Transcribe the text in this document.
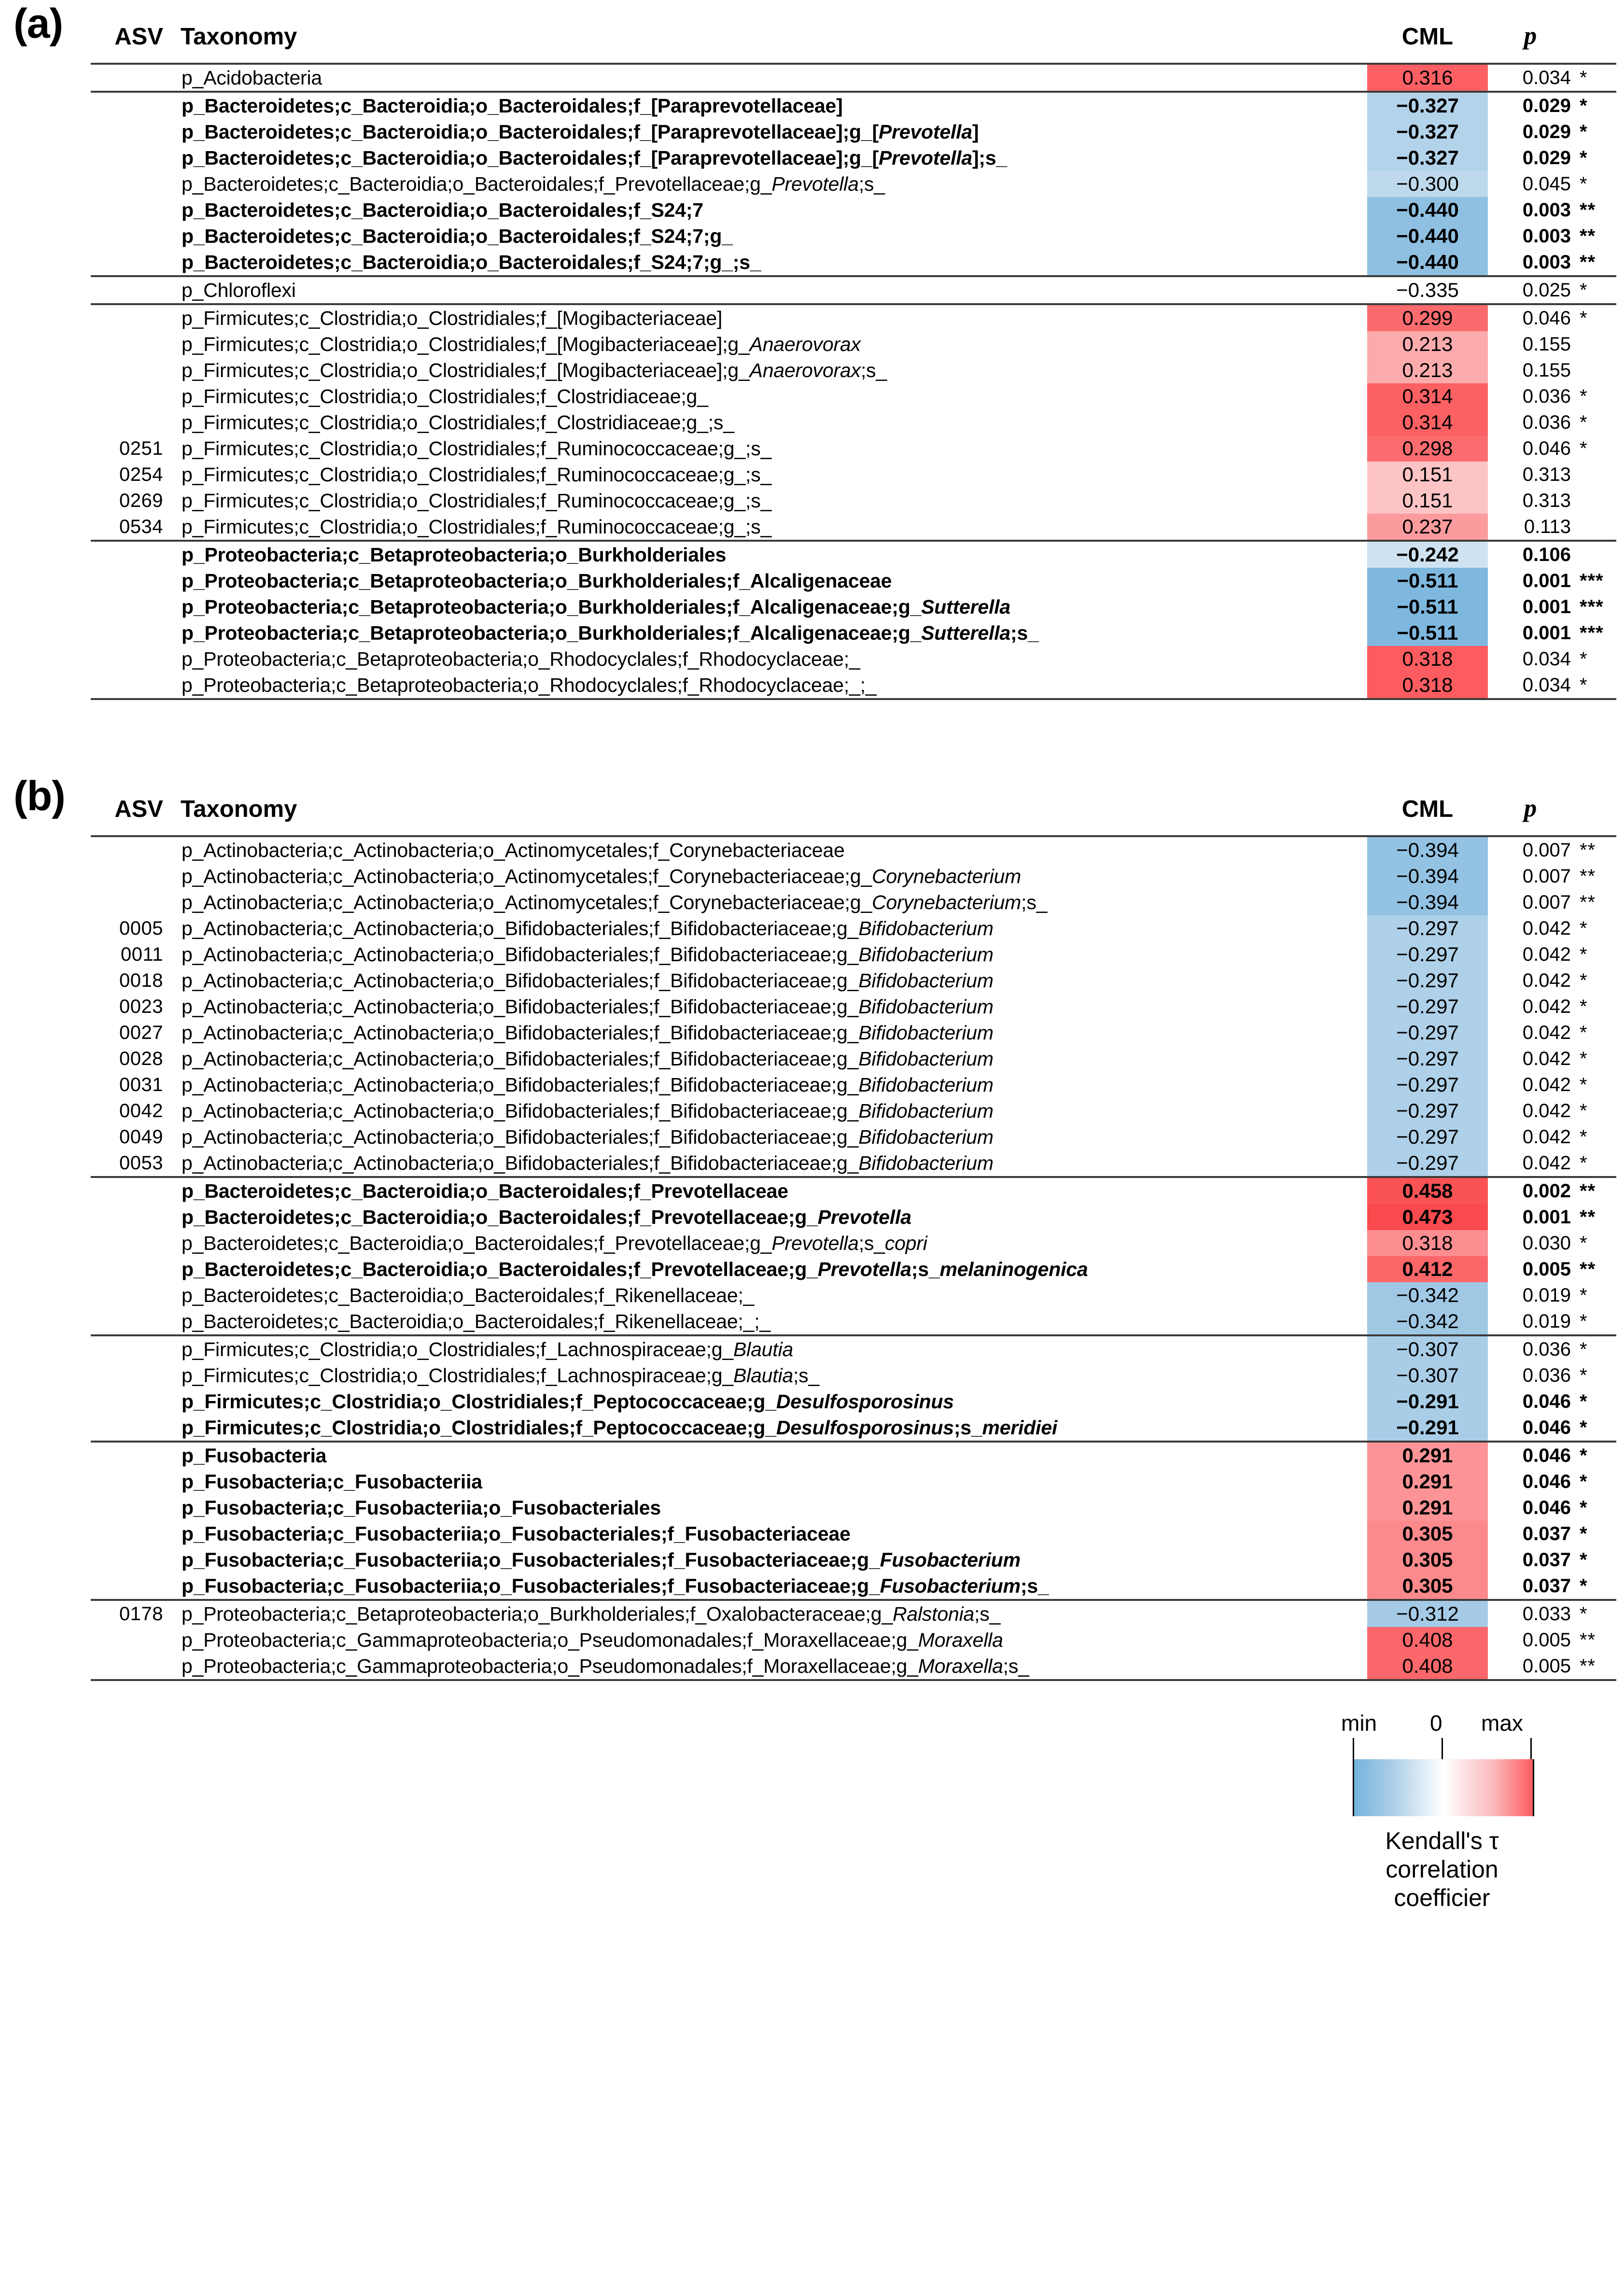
(a) ASV	Taxonomy	CML	p	
	p_Acidobacteria	0.316	0.034	*
	p_Bacteroidetes;c_Bacteroidia;o_Bacteroidales;f_[Paraprevotellaceae]	−0.327	0.029	*
	p_Bacteroidetes;c_Bacteroidia;o_Bacteroidales;f_[Paraprevotellaceae];g_[Prevotella]	−0.327	0.029	*
	p_Bacteroidetes;c_Bacteroidia;o_Bacteroidales;f_[Paraprevotellaceae];g_[Prevotella];s_	−0.327	0.029	*
	p_Bacteroidetes;c_Bacteroidia;o_Bacteroidales;f_Prevotellaceae;g_Prevotella;s_	−0.300	0.045	*
	p_Bacteroidetes;c_Bacteroidia;o_Bacteroidales;f_S24;7	−0.440	0.003	**
	p_Bacteroidetes;c_Bacteroidia;o_Bacteroidales;f_S24;7;g_	−0.440	0.003	**
	p_Bacteroidetes;c_Bacteroidia;o_Bacteroidales;f_S24;7;g_;s_	−0.440	0.003	**
	p_Chloroflexi	−0.335	0.025	*
	p_Firmicutes;c_Clostridia;o_Clostridiales;f_[Mogibacteriaceae]	0.299	0.046	*
	p_Firmicutes;c_Clostridia;o_Clostridiales;f_[Mogibacteriaceae];g_Anaerovorax	0.213	0.155	
	p_Firmicutes;c_Clostridia;o_Clostridiales;f_[Mogibacteriaceae];g_Anaerovorax;s_	0.213	0.155	
	p_Firmicutes;c_Clostridia;o_Clostridiales;f_Clostridiaceae;g_	0.314	0.036	*
	p_Firmicutes;c_Clostridia;o_Clostridiales;f_Clostridiaceae;g_;s_	0.314	0.036	*
0251	p_Firmicutes;c_Clostridia;o_Clostridiales;f_Ruminococcaceae;g_;s_	0.298	0.046	*
0254	p_Firmicutes;c_Clostridia;o_Clostridiales;f_Ruminococcaceae;g_;s_	0.151	0.313	
0269	p_Firmicutes;c_Clostridia;o_Clostridiales;f_Ruminococcaceae;g_;s_	0.151	0.313	
0534	p_Firmicutes;c_Clostridia;o_Clostridiales;f_Ruminococcaceae;g_;s_	0.237	0.113	
	p_Proteobacteria;c_Betaproteobacteria;o_Burkholderiales	−0.242	0.106	
	p_Proteobacteria;c_Betaproteobacteria;o_Burkholderiales;f_Alcaligenaceae	−0.511	0.001	***
	p_Proteobacteria;c_Betaproteobacteria;o_Burkholderiales;f_Alcaligenaceae;g_Sutterella	−0.511	0.001	***
	p_Proteobacteria;c_Betaproteobacteria;o_Burkholderiales;f_Alcaligenaceae;g_Sutterella;s_	−0.511	0.001	***
	p_Proteobacteria;c_Betaproteobacteria;o_Rhodocyclales;f_Rhodocyclaceae;_	0.318	0.034	*
	p_Proteobacteria;c_Betaproteobacteria;o_Rhodocyclales;f_Rhodocyclaceae;_;_	0.318	0.034	*
(b) ASV	Taxonomy	CML	p	
	p_Actinobacteria;c_Actinobacteria;o_Actinomycetales;f_Corynebacteriaceae	−0.394	0.007	**
	p_Actinobacteria;c_Actinobacteria;o_Actinomycetales;f_Corynebacteriaceae;g_Corynebacterium	−0.394	0.007	**
	p_Actinobacteria;c_Actinobacteria;o_Actinomycetales;f_Corynebacteriaceae;g_Corynebacterium;s_	−0.394	0.007	**
0005	p_Actinobacteria;c_Actinobacteria;o_Bifidobacteriales;f_Bifidobacteriaceae;g_Bifidobacterium	−0.297	0.042	*
0011	p_Actinobacteria;c_Actinobacteria;o_Bifidobacteriales;f_Bifidobacteriaceae;g_Bifidobacterium	−0.297	0.042	*
0018	p_Actinobacteria;c_Actinobacteria;o_Bifidobacteriales;f_Bifidobacteriaceae;g_Bifidobacterium	−0.297	0.042	*
0023	p_Actinobacteria;c_Actinobacteria;o_Bifidobacteriales;f_Bifidobacteriaceae;g_Bifidobacterium	−0.297	0.042	*
0027	p_Actinobacteria;c_Actinobacteria;o_Bifidobacteriales;f_Bifidobacteriaceae;g_Bifidobacterium	−0.297	0.042	*
0028	p_Actinobacteria;c_Actinobacteria;o_Bifidobacteriales;f_Bifidobacteriaceae;g_Bifidobacterium	−0.297	0.042	*
0031	p_Actinobacteria;c_Actinobacteria;o_Bifidobacteriales;f_Bifidobacteriaceae;g_Bifidobacterium	−0.297	0.042	*
0042	p_Actinobacteria;c_Actinobacteria;o_Bifidobacteriales;f_Bifidobacteriaceae;g_Bifidobacterium	−0.297	0.042	*
0049	p_Actinobacteria;c_Actinobacteria;o_Bifidobacteriales;f_Bifidobacteriaceae;g_Bifidobacterium	−0.297	0.042	*
0053	p_Actinobacteria;c_Actinobacteria;o_Bifidobacteriales;f_Bifidobacteriaceae;g_Bifidobacterium	−0.297	0.042	*
	p_Bacteroidetes;c_Bacteroidia;o_Bacteroidales;f_Prevotellaceae	0.458	0.002	**
	p_Bacteroidetes;c_Bacteroidia;o_Bacteroidales;f_Prevotellaceae;g_Prevotella	0.473	0.001	**
	p_Bacteroidetes;c_Bacteroidia;o_Bacteroidales;f_Prevotellaceae;g_Prevotella;s_copri	0.318	0.030	*
	p_Bacteroidetes;c_Bacteroidia;o_Bacteroidales;f_Prevotellaceae;g_Prevotella;s_melaninogenica	0.412	0.005	**
	p_Bacteroidetes;c_Bacteroidia;o_Bacteroidales;f_Rikenellaceae;_	−0.342	0.019	*
	p_Bacteroidetes;c_Bacteroidia;o_Bacteroidales;f_Rikenellaceae;_;_	−0.342	0.019	*
	p_Firmicutes;c_Clostridia;o_Clostridiales;f_Lachnospiraceae;g_Blautia	−0.307	0.036	*
	p_Firmicutes;c_Clostridia;o_Clostridiales;f_Lachnospiraceae;g_Blautia;s_	−0.307	0.036	*
	p_Firmicutes;c_Clostridia;o_Clostridiales;f_Peptococcaceae;g_Desulfosporosinus	−0.291	0.046	*
	p_Firmicutes;c_Clostridia;o_Clostridiales;f_Peptococcaceae;g_Desulfosporosinus;s_meridiei	−0.291	0.046	*
	p_Fusobacteria	0.291	0.046	*
	p_Fusobacteria;c_Fusobacteriia	0.291	0.046	*
	p_Fusobacteria;c_Fusobacteriia;o_Fusobacteriales	0.291	0.046	*
	p_Fusobacteria;c_Fusobacteriia;o_Fusobacteriales;f_Fusobacteriaceae	0.305	0.037	*
	p_Fusobacteria;c_Fusobacteriia;o_Fusobacteriales;f_Fusobacteriaceae;g_Fusobacterium	0.305	0.037	*
	p_Fusobacteria;c_Fusobacteriia;o_Fusobacteriales;f_Fusobacteriaceae;g_Fusobacterium;s_	0.305	0.037	*
0178	p_Proteobacteria;c_Betaproteobacteria;o_Burkholderiales;f_Oxalobacteraceae;g_Ralstonia;s_	−0.312	0.033	*
	p_Proteobacteria;c_Gammaproteobacteria;o_Pseudomonadales;f_Moraxellaceae;g_Moraxella	0.408	0.005	**
	p_Proteobacteria;c_Gammaproteobacteria;o_Pseudomonadales;f_Moraxellaceae;g_Moraxella;s_	0.408	0.005	**
min 0 max
Kendall's τ
correlation coefficier
